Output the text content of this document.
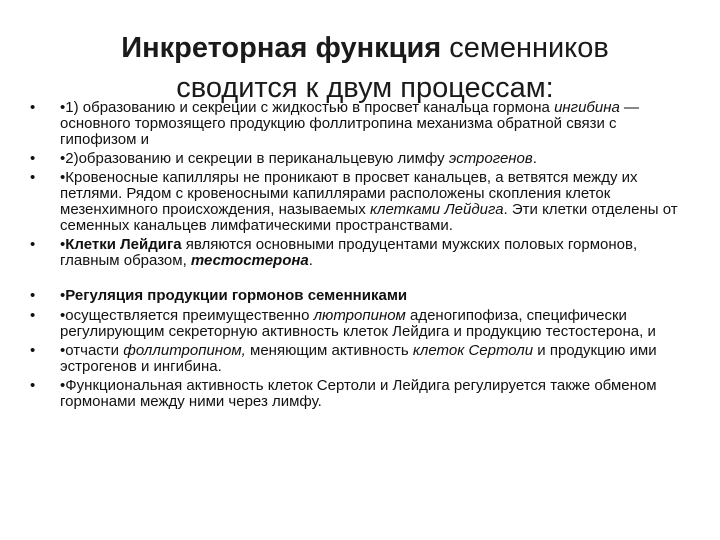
Инкреторная функция семенников
сводится к двум процессам:
• •1) образованию и секреции с жидкостью в просвет канальца гормона ингибина —основного тормозящего продукцию фоллитропина механизма обратной связи с гипофизом и
• •2)образованию и секреции в периканальцевую лимфу эстрогенов.
• •Кровеносные капилляры не проникают в просвет канальцев, а ветвятся между их петлями. Рядом с кровеносными капиллярами расположены скопления клеток мезенхимного происхождения, называемых клетками Лейдига. Эти клетки отделены от семенных канальцев лимфатическими пространствами.
• •Клетки Лейдига являются основными продуцентами мужских половых гормонов, главным образом, тестостерона.
• •Регуляция продукции гормонов семенниками
• •осуществляется преимущественно лютропином аденогипофиза, специфически регулирующим секреторную активность клеток Лейдига и продукцию тестостерона, и
• •отчасти фоллитропином, меняющим активность клеток Сертоли и продукцию ими эстрогенов и ингибина.
• •Функциональная активность клеток Сертоли и Лейдига регулируется также обменом гормонами между ними через лимфу.
